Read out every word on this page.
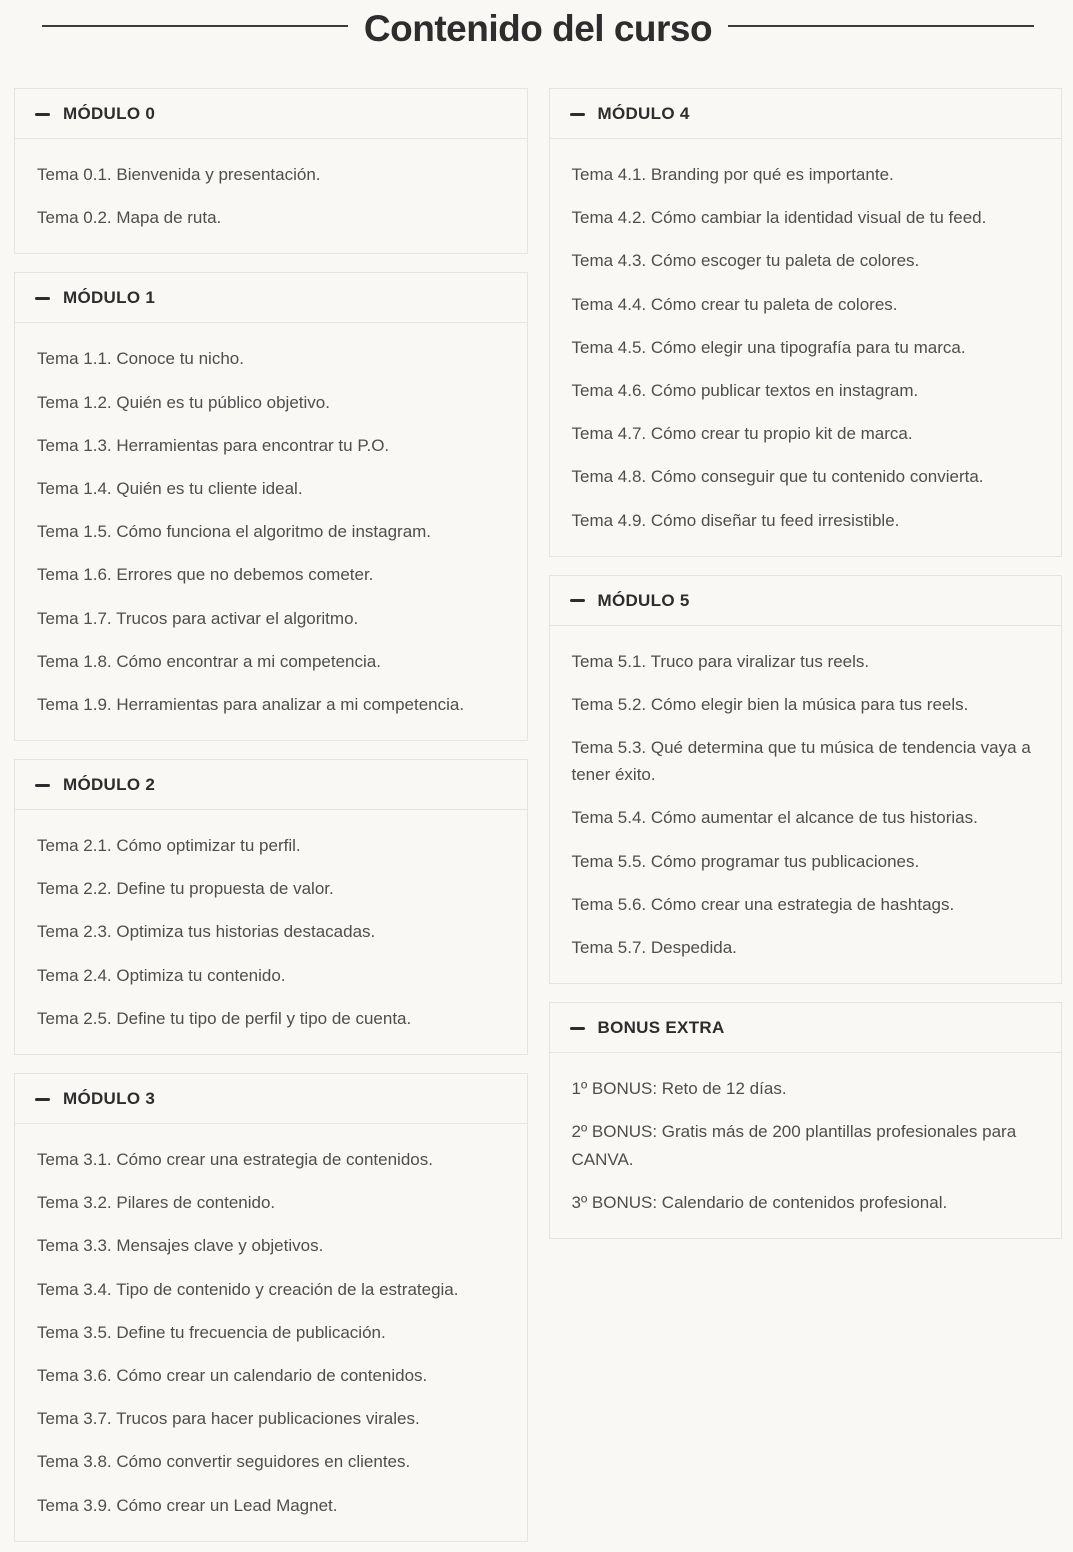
Contenido del curso
MÓDULO 0

Tema 0.1. Bienvenida y presentación.

Tema 0.2. Mapa de ruta.

MÓDULO 1

Tema 1.1. Conoce tu nicho.

Tema 1.2. Quién es tu público objetivo.

Tema 1.3. Herramientas para encontrar tu P.O.

Tema 1.4. Quién es tu cliente ideal.

Tema 1.5. Cómo funciona el algoritmo de instagram.

Tema 1.6. Errores que no debemos cometer.

Tema 1.7. Trucos para activar el algoritmo.

Tema 1.8. Cómo encontrar a mi competencia.

Tema 1.9. Herramientas para analizar a mi competencia.

MÓDULO 2

Tema 2.1. Cómo optimizar tu perfil.

Tema 2.2. Define tu propuesta de valor.

Tema 2.3. Optimiza tus historias destacadas.

Tema 2.4. Optimiza tu contenido.

Tema 2.5. Define tu tipo de perfil y tipo de cuenta.

MÓDULO 3

Tema 3.1. Cómo crear una estrategia de contenidos.

Tema 3.2. Pilares de contenido.

Tema 3.3. Mensajes clave y objetivos.

Tema 3.4. Tipo de contenido y creación de la estrategia.

Tema 3.5. Define tu frecuencia de publicación.

Tema 3.6. Cómo crear un calendario de contenidos.

Tema 3.7. Trucos para hacer publicaciones virales.

Tema 3.8. Cómo convertir seguidores en clientes.

Tema 3.9. Cómo crear un Lead Magnet.

MÓDULO 4

Tema 4.1. Branding por qué es importante.

Tema 4.2. Cómo cambiar la identidad visual de tu feed.

Tema 4.3. Cómo escoger tu paleta de colores.

Tema 4.4. Cómo crear tu paleta de colores.

Tema 4.5. Cómo elegir una tipografía para tu marca.

Tema 4.6. Cómo publicar textos en instagram.

Tema 4.7. Cómo crear tu propio kit de marca.

Tema 4.8. Cómo conseguir que tu contenido convierta.

Tema 4.9. Cómo diseñar tu feed irresistible.

MÓDULO 5

Tema 5.1. Truco para viralizar tus reels.

Tema 5.2. Cómo elegir bien la música para tus reels.

Tema 5.3. Qué determina que tu música de tendencia vaya a tener éxito.

Tema 5.4. Cómo aumentar el alcance de tus historias.

Tema 5.5. Cómo programar tus publicaciones.

Tema 5.6. Cómo crear una estrategia de hashtags.

Tema 5.7. Despedida.

BONUS EXTRA

1º BONUS: Reto de 12 días.

2º BONUS: Gratis más de 200 plantillas profesionales para CANVA.

3º BONUS: Calendario de contenidos profesional.
